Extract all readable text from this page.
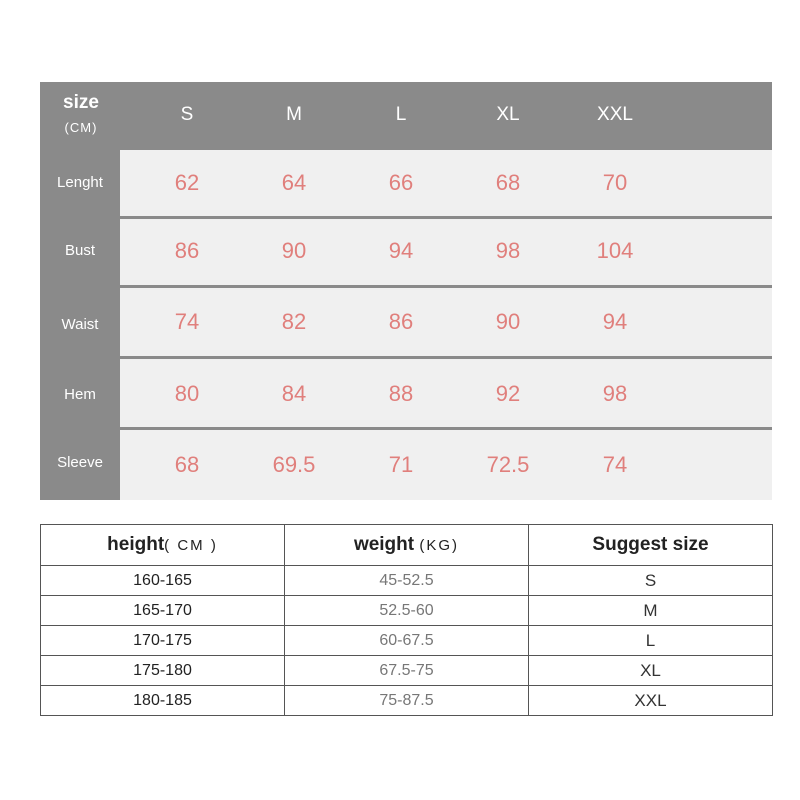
size
(CM)
S	M	L	XL	XXL
Lenght	62	64	66	68	70
Bust	86	90	94	98	104
Waist	74	82	86	90	94
Hem	80	84	88	92	98
Sleeve	68	69.5	71	72.5	74
height( CM )	weight (KG)	Suggest size
160-165	45-52.5	S
165-170	52.5-60	M
170-175	60-67.5	L
175-180	67.5-75	XL
180-185	75-87.5	XXL
